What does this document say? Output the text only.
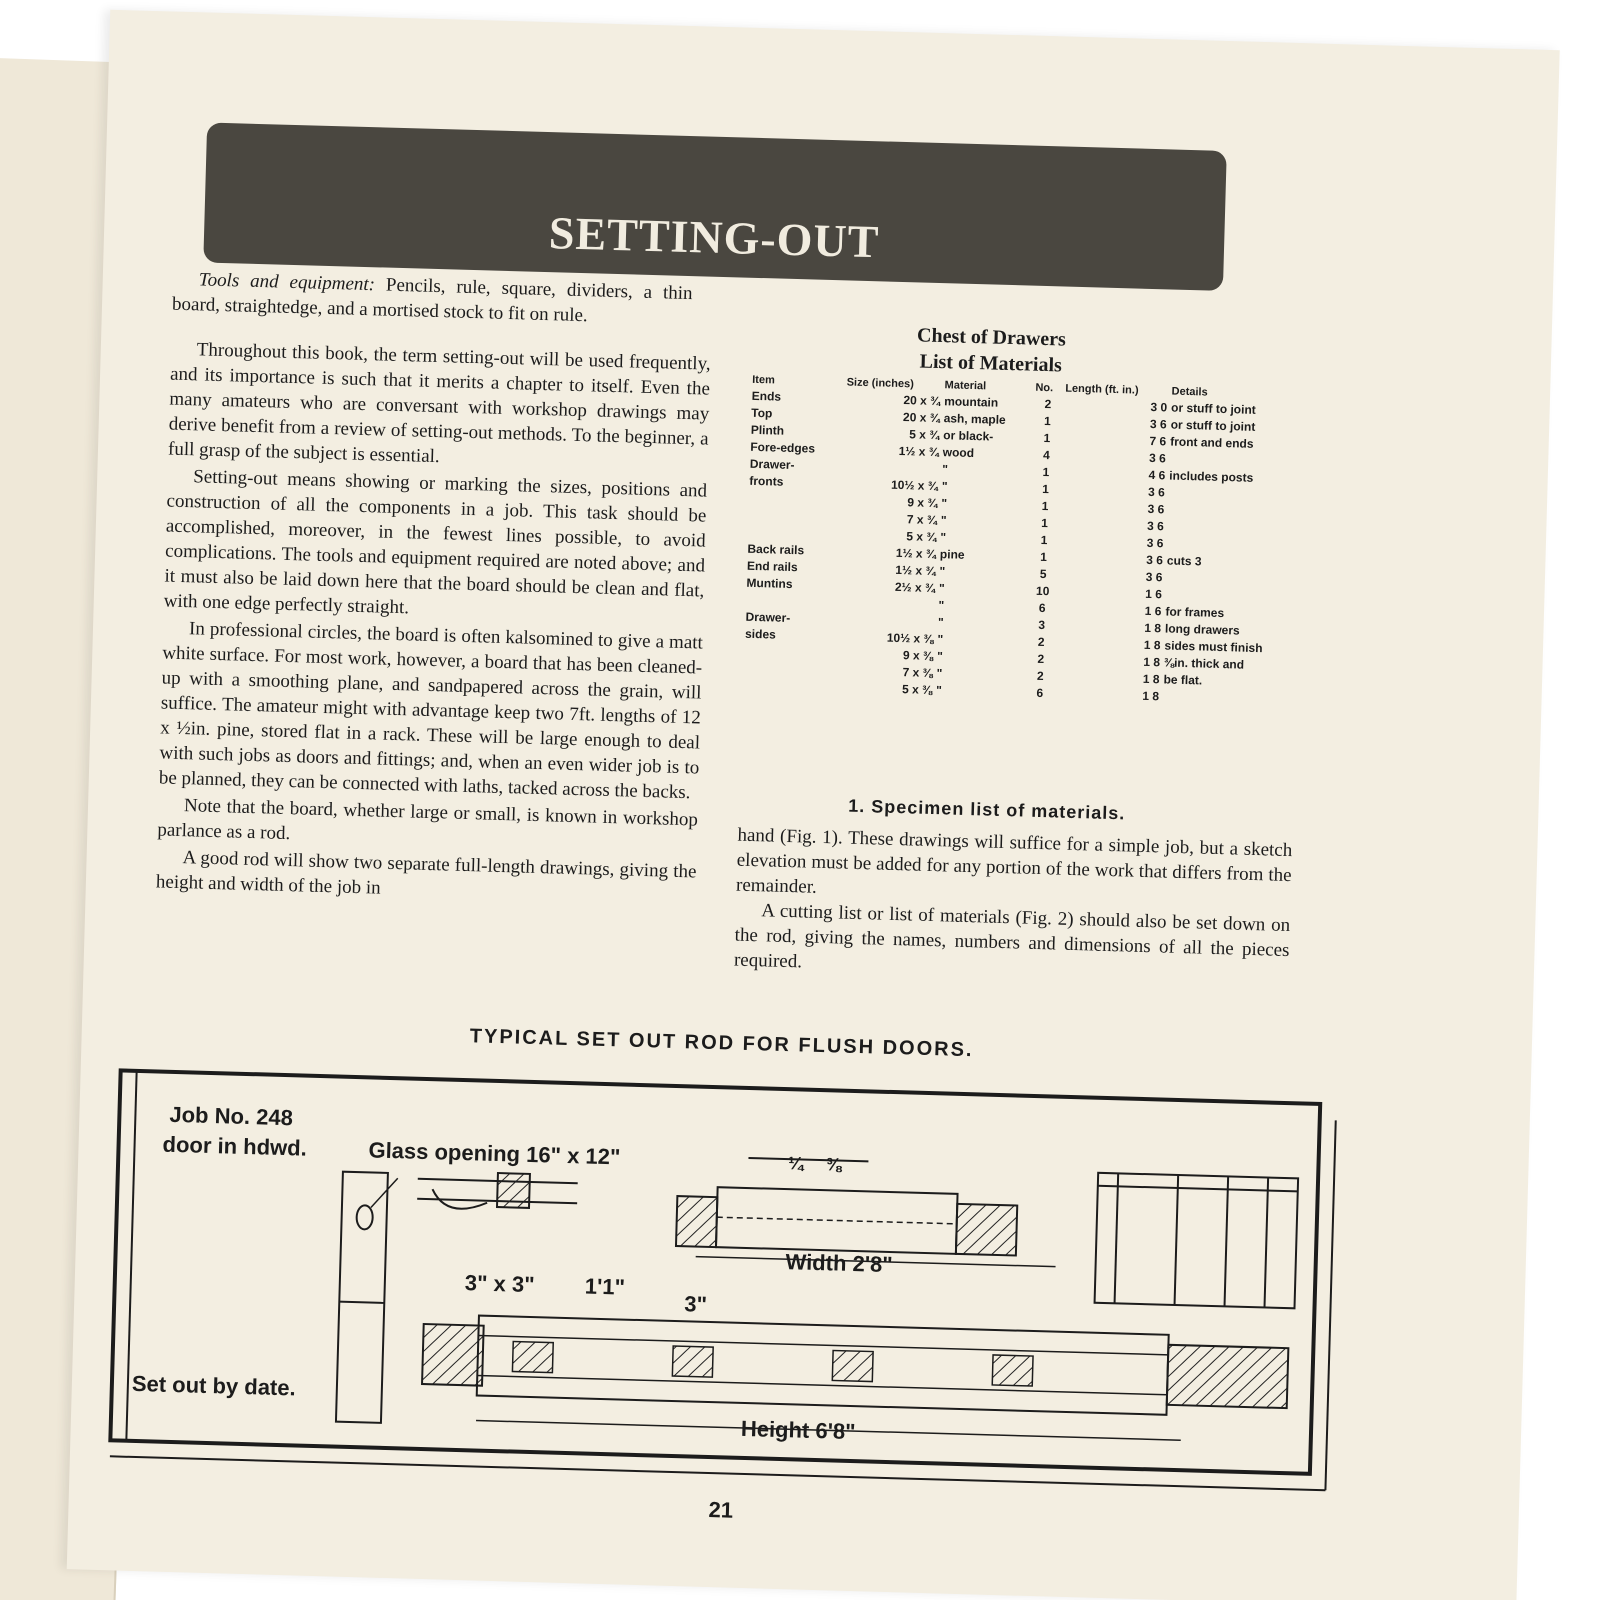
SETTING-OUT

Tools and equipment: Pencils, rule, square, dividers, a thin board, straightedge, and a mortised stock to fit on rule.

Throughout this book, the term setting-out will be used frequently, and its importance is such that it merits a chapter to itself. Even the many amateurs who are conversant with workshop drawings may derive benefit from a review of setting-out methods. To the beginner, a full grasp of the subject is essential.

Setting-out means showing or marking the sizes, positions and construction of all the components in a job. This task should be accomplished, moreover, in the fewest lines possible, to avoid complications. The tools and equipment required are noted above; and it must also be laid down here that the board should be clean and flat, with one edge perfectly straight.

In professional circles, the board is often kalsomined to give a matt white surface. For most work, however, a board that has been cleaned-up with a smoothing plane, and sandpapered across the grain, will suffice. The amateur might with advantage keep two 7ft. lengths of 12 x ½in. pine, stored flat in a rack. These will be large enough to deal with such jobs as doors and fittings; and, when an even wider job is to be planned, they can be connected with laths, tacked across the backs.

Note that the board, whether large or small, is known in workshop parlance as a rod.

A good rod will show two separate full-length drawings, giving the height and width of the job in

Chest of Drawers
List of Materials
Item	Size (inches)	Material	No.	Length (ft. in.)	Details
Ends	20 x ¾	mountain	2	3 0	or stuff to joint
Top	20 x ¾	ash, maple	1	3 6	or stuff to joint
Plinth	5 x ¾	or black-	1	7 6	front and ends
Fore-edges	1½ x ¾	wood	4	3 6	
Drawer-		"	1	4 6	includes posts
fronts	10½ x ¾	"	1	3 6	
	9 x ¾	"	1	3 6	
	7 x ¾	"	1	3 6	
	5 x ¾	"	1	3 6	
Back rails	1½ x ¾	pine	1	3 6	cuts 3
End rails	1½ x ¾	"	5	3 6	
Muntins	2½ x ¾	"	10	1 6	
		"	6	1 6	for frames
Drawer-		"	3	1 8	long drawers
sides	10½ x ⅜	"	2	1 8	sides must finish
	9 x ⅜	"	2	1 8	⅜in. thick and
	7 x ⅜	"	2	1 8	be flat.
	5 x ⅜	"	6	1 8	
1. Specimen list of materials.

hand (Fig. 1). These drawings will suffice for a simple job, but a sketch elevation must be added for any portion of the work that differs from the remainder.

A cutting list or list of materials (Fig. 2) should also be set down on the rod, giving the names, numbers and dimensions of all the pieces required.

TYPICAL SET OUT ROD FOR FLUSH DOORS.
Job No. 248
door in hdwd.	Glass opening 16" x 12"	¼ ⅜
Width 2'8"
3" x 3" 1'1"
3"
Height 6'8"
Set out by date.
21
